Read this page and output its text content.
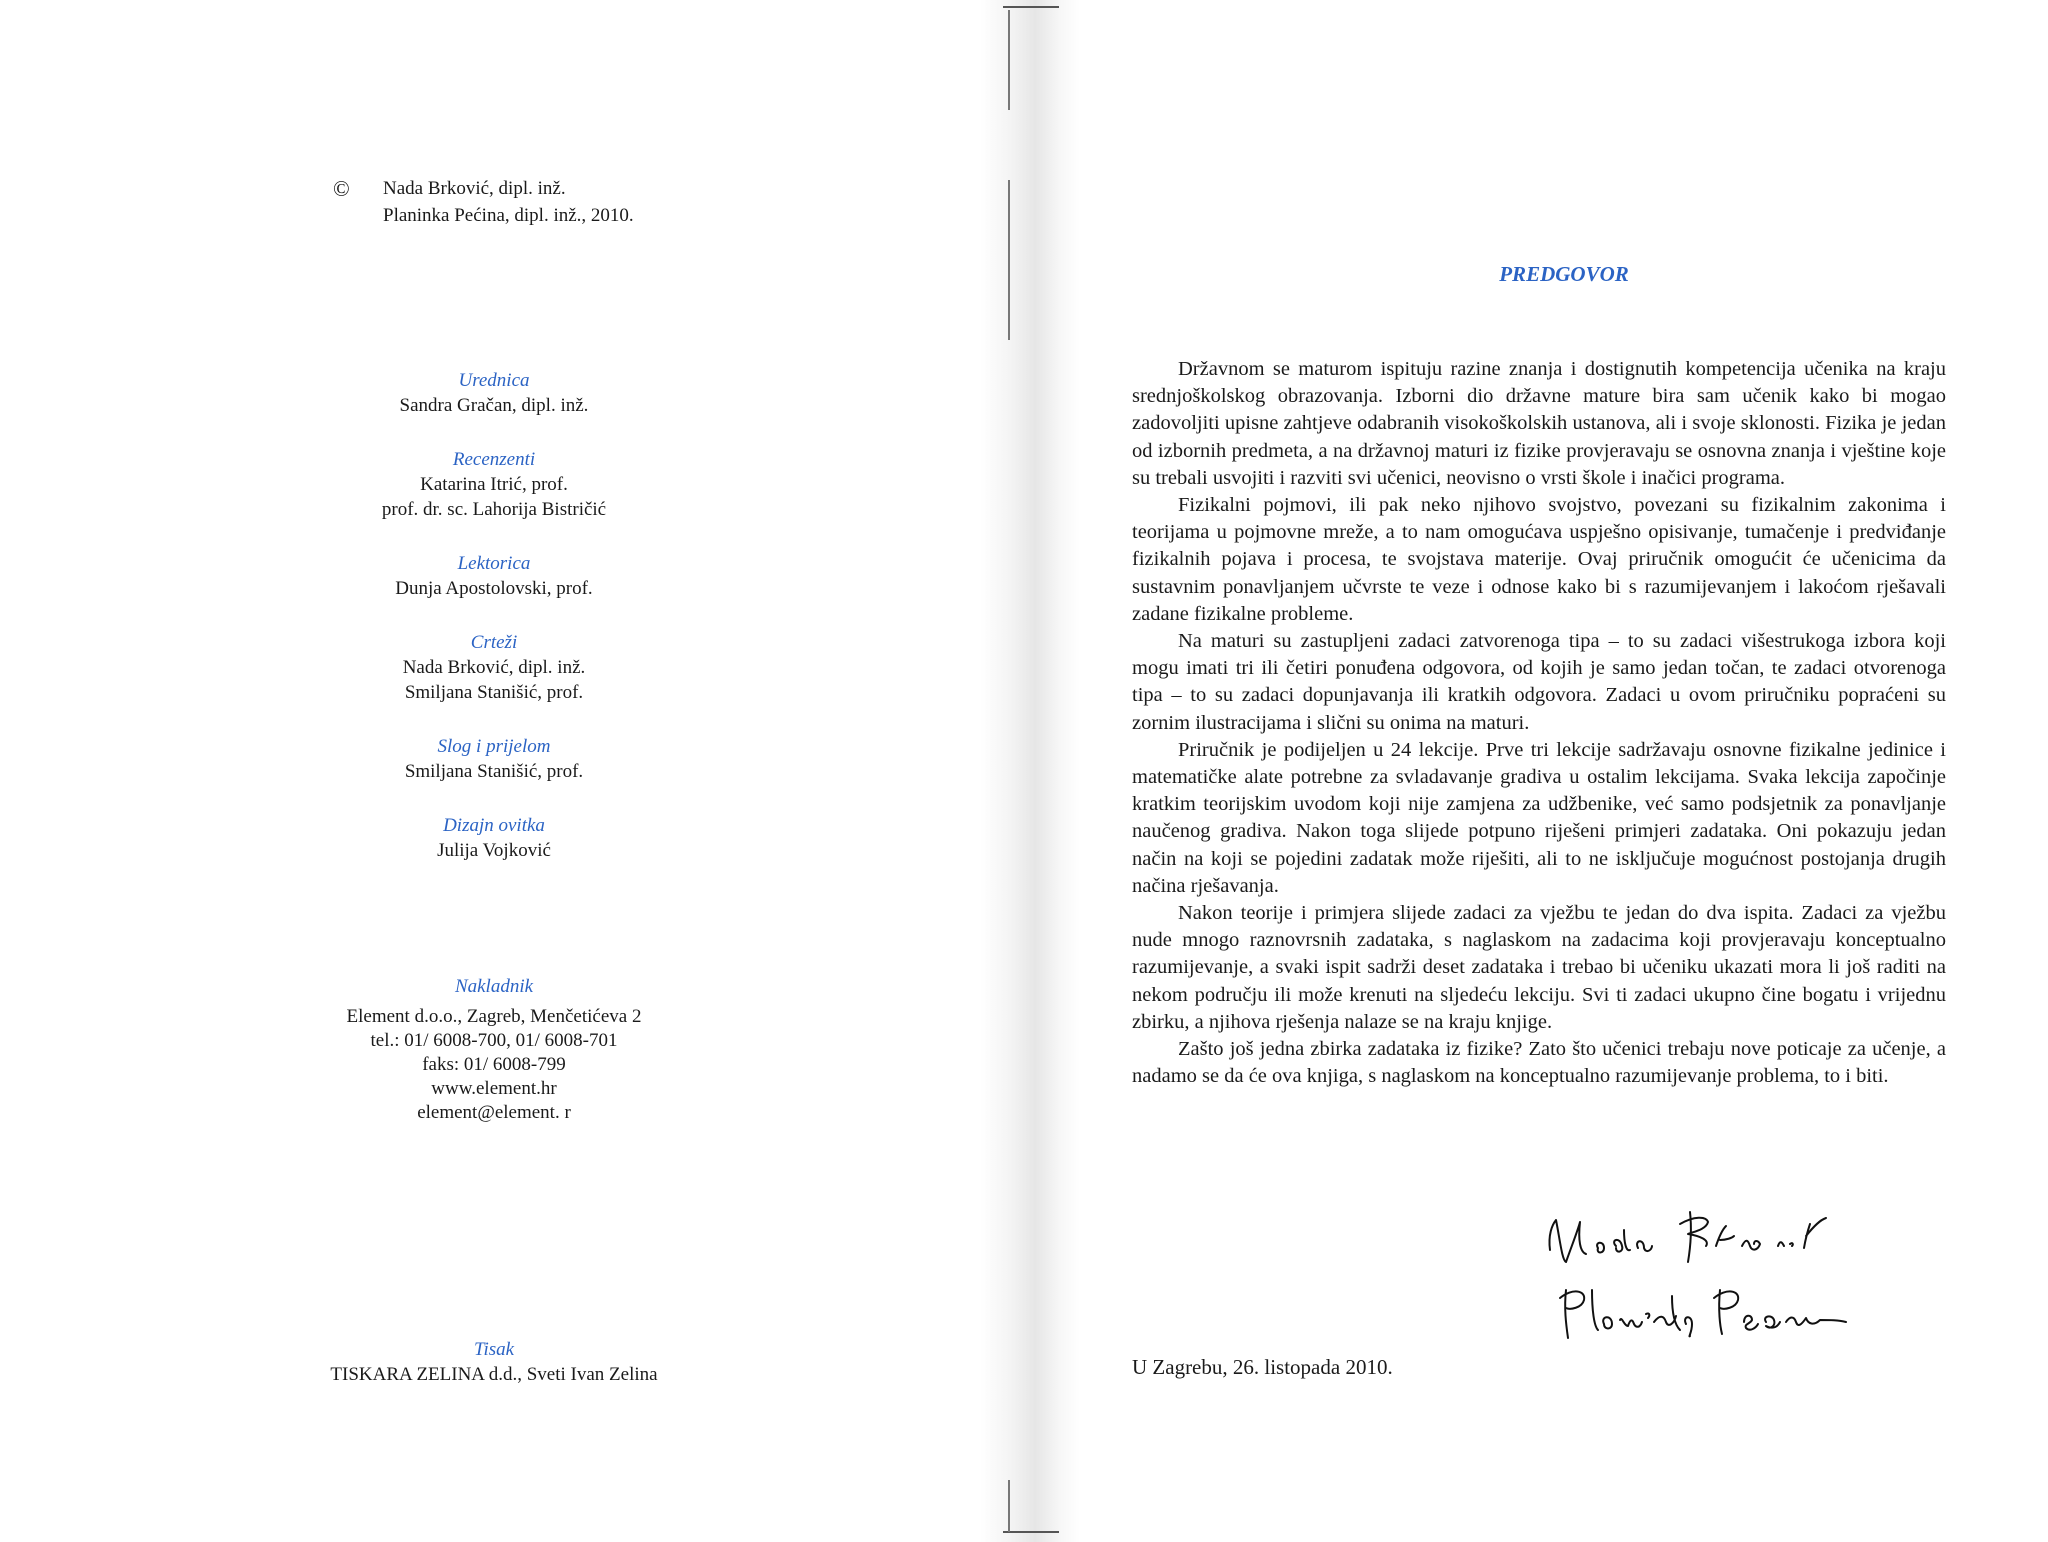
© Nada Brković, dipl. inž.
Planinka Pećina, dipl. inž., 2010.
Urednica
Sandra Gračan, dipl. inž.
Recenzenti
Katarina Itrić, prof.
prof. dr. sc. Lahorija Bistričić
Lektorica
Dunja Apostolovski, prof.
Crteži
Nada Brković, dipl. inž.
Smiljana Stanišić, prof.
Slog i prijelom
Smiljana Stanišić, prof.
Dizajn ovitka
Julija Vojković
Nakladnik
Element d.o.o., Zagreb, Menčetićeva 2
tel.: 01/ 6008-700, 01/ 6008-701
faks: 01/ 6008-799
www.element.hr
element@element. r
Tisak
TISKARA ZELINA d.d., Sveti Ivan Zelina
PREDGOVOR

Državnom se maturom ispituju razine znanja i dostignutih kompetencija učenika na kraju srednjoškolskog obrazovanja. Izborni dio državne mature bira sam učenik kako bi mogao zadovoljiti upisne zahtjeve odabranih visokoškolskih ustanova, ali i svoje sklonosti. Fizika je jedan od izbornih predmeta, a na državnoj maturi iz fizike provjeravaju se osnovna znanja i vještine koje su trebali usvojiti i razviti svi učenici, neovisno o vrsti škole i inačici programa.

Fizikalni pojmovi, ili pak neko njihovo svojstvo, povezani su fizikalnim zakonima i teorijama u pojmovne mreže, a to nam omogućava uspješno opisivanje, tumačenje i predviđanje fizikalnih pojava i procesa, te svojstava materije. Ovaj priručnik omogućit će učenicima da sustavnim ponavljanjem učvrste te veze i odnose kako bi s razumijevanjem i lakoćom rješavali zadane fizikalne probleme.

Na maturi su zastupljeni zadaci zatvorenoga tipa – to su zadaci višestrukoga izbora koji mogu imati tri ili četiri ponuđena odgovora, od kojih je samo jedan točan, te zadaci otvorenoga tipa – to su zadaci dopunjavanja ili kratkih odgovora. Zadaci u ovom priručniku popraćeni su zornim ilustracijama i slični su onima na maturi.

Priručnik je podijeljen u 24 lekcije. Prve tri lekcije sadržavaju osnovne fizikalne jedinice i matematičke alate potrebne za svladavanje gradiva u ostalim lekcijama. Svaka lekcija započinje kratkim teorijskim uvodom koji nije zamjena za udžbenike, već samo podsjetnik za ponavljanje naučenog gradiva. Nakon toga slijede potpuno riješeni primjeri zadataka. Oni pokazuju jedan način na koji se pojedini zadatak može riješiti, ali to ne isključuje mogućnost postojanja drugih načina rješavanja.

Nakon teorije i primjera slijede zadaci za vježbu te jedan do dva ispita. Zadaci za vježbu nude mnogo raznovrsnih zadataka, s naglaskom na zadacima koji provjeravaju konceptualno razumijevanje, a svaki ispit sadrži deset zadataka i trebao bi učeniku ukazati mora li još raditi na nekom području ili može krenuti na sljedeću lekciju. Svi ti zadaci ukupno čine bogatu i vrijednu zbirku, a njihova rješenja nalaze se na kraju knjige.

Zašto još jedna zbirka zadataka iz fizike? Zato što učenici trebaju nove poticaje za učenje, a nadamo se da će ova knjiga, s naglaskom na konceptualno razumijevanje problema, to i biti.

U Zagrebu, 26. listopada 2010.
